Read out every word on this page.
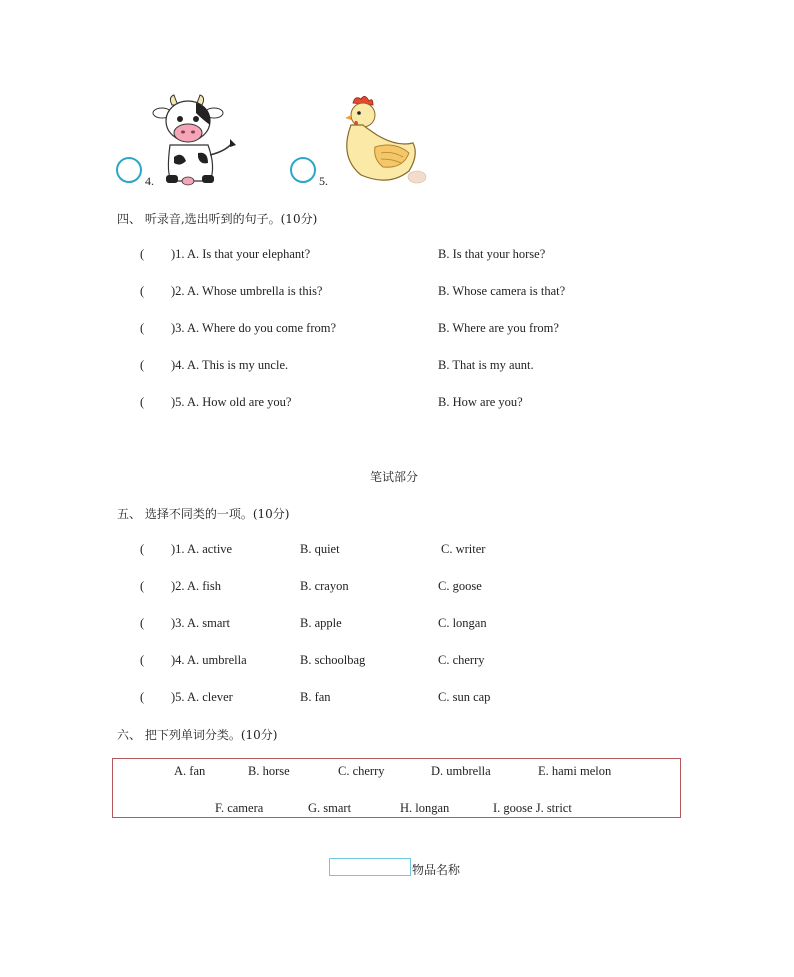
4.	5.
四、 听录音,选出听到的句子。(10分)
( )1. A. Is that your elephant?	B. Is that your horse?
( )2. A. Whose umbrella is this?	B. Whose camera is that?
( )3. A. Where do you come from?	B. Where are you from?
( )4. A. This is my uncle.	B. That is my aunt.
( )5. A. How old are you?	B. How are you?
笔试部分
五、 选择不同类的一项。(10分)
( )1. A. active	B. quiet	C. writer
( )2. A. fish	B. crayon	C. goose
( )3. A. smart	B. apple	C. longan
( )4. A. umbrella	B. schoolbag	C. cherry
( )5. A. clever	B. fan	C. sun cap
六、 把下列单词分类。(10分)
A. fan	B. horse	C. cherry	D. umbrella	E. hami melon
F. camera	G. smart	H. longan	I. goose J. strict
物品名称
